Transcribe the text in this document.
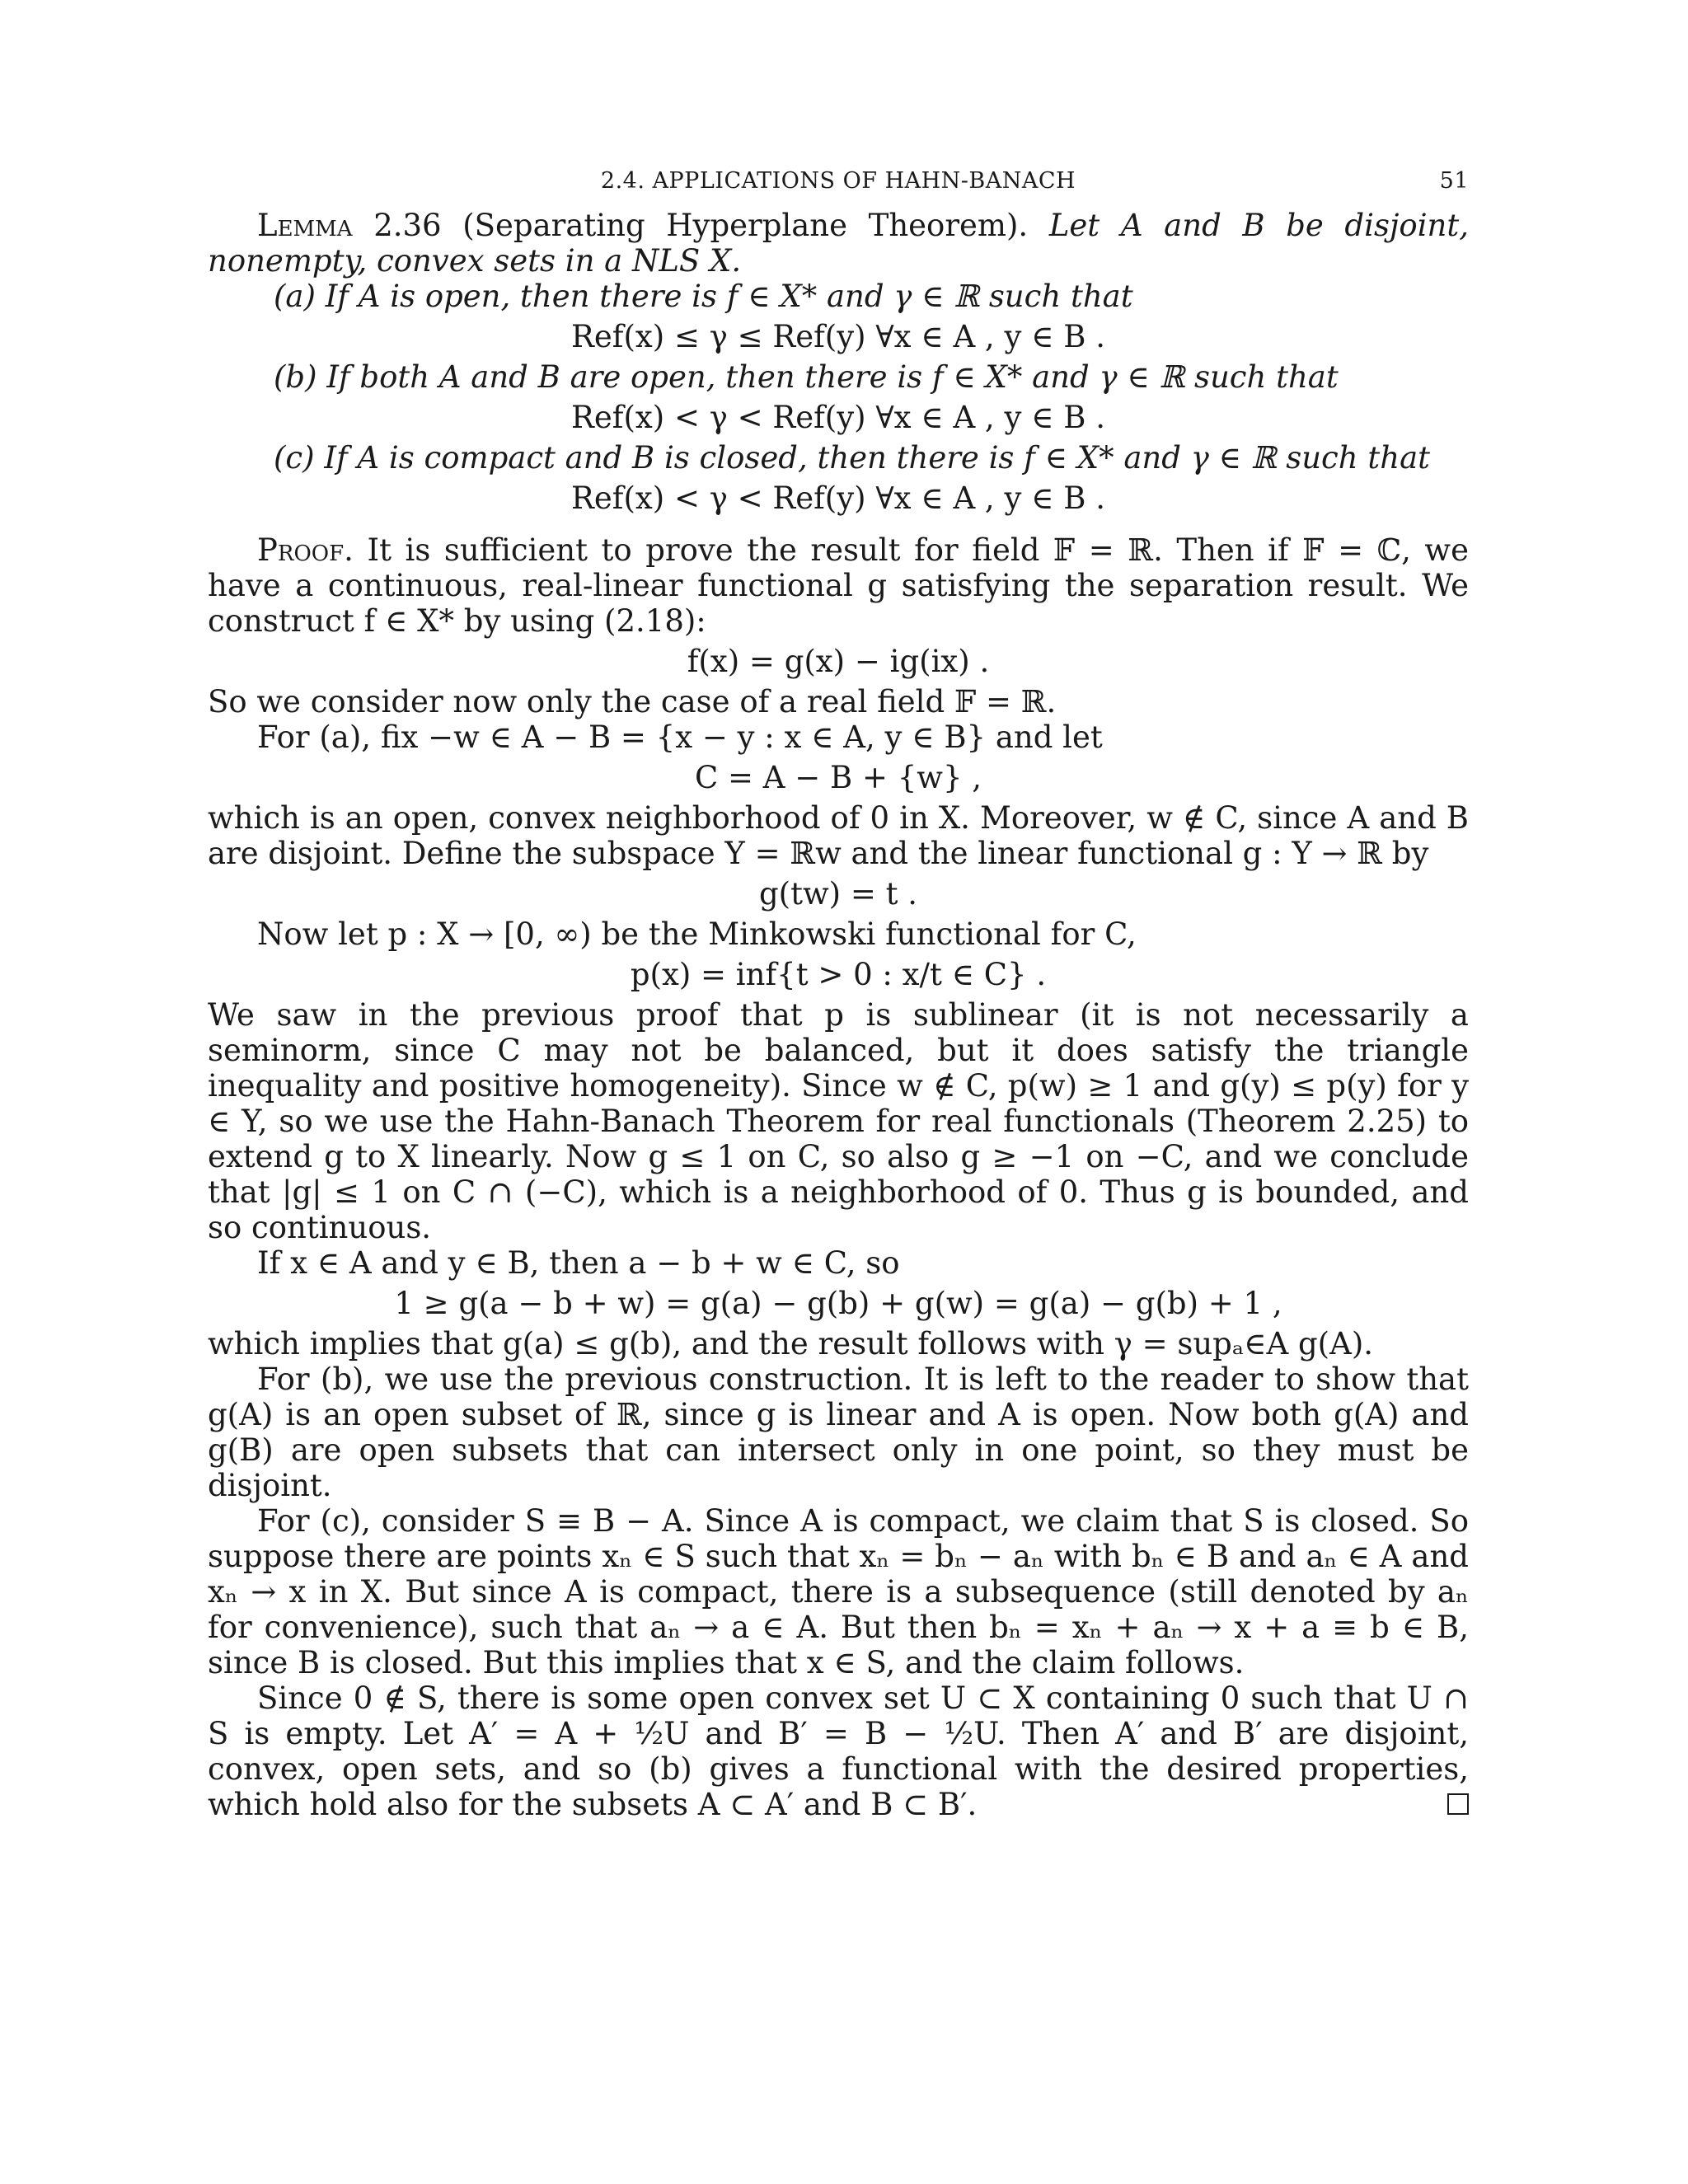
2.4. APPLICATIONS OF HAHN-BANACH	51

Lemma 2.36 (Separating Hyperplane Theorem). Let A and B be disjoint, nonempty, convex sets in a NLS X.

(a) If A is open, then there is f ∈ X* and γ ∈ ℝ such that

Ref(x) ≤ γ ≤ Ref(y) ∀x ∈ A , y ∈ B .

(b) If both A and B are open, then there is f ∈ X* and γ ∈ ℝ such that

Ref(x) < γ < Ref(y) ∀x ∈ A , y ∈ B .

(c) If A is compact and B is closed, then there is f ∈ X* and γ ∈ ℝ such that

Ref(x) < γ < Ref(y) ∀x ∈ A , y ∈ B .

Proof. It is sufficient to prove the result for field 𝔽 = ℝ. Then if 𝔽 = ℂ, we have a continuous, real-linear functional g satisfying the separation result. We construct f ∈ X* by using (2.18):

f(x) = g(x) − ig(ix) .

So we consider now only the case of a real field 𝔽 = ℝ.

For (a), fix −w ∈ A − B = {x − y : x ∈ A, y ∈ B} and let

C = A − B + {w} ,

which is an open, convex neighborhood of 0 in X. Moreover, w ∉ C, since A and B are disjoint. Define the subspace Y = ℝw and the linear functional g : Y → ℝ by

g(tw) = t .

Now let p : X → [0, ∞) be the Minkowski functional for C,

p(x) = inf{t > 0 : x/t ∈ C} .

We saw in the previous proof that p is sublinear (it is not necessarily a seminorm, since C may not be balanced, but it does satisfy the triangle inequality and positive homogeneity). Since w ∉ C, p(w) ≥ 1 and g(y) ≤ p(y) for y ∈ Y, so we use the Hahn-Banach Theorem for real functionals (Theorem 2.25) to extend g to X linearly. Now g ≤ 1 on C, so also g ≥ −1 on −C, and we conclude that |g| ≤ 1 on C ∩ (−C), which is a neighborhood of 0. Thus g is bounded, and so continuous.

If x ∈ A and y ∈ B, then a − b + w ∈ C, so

1 ≥ g(a − b + w) = g(a) − g(b) + g(w) = g(a) − g(b) + 1 ,

which implies that g(a) ≤ g(b), and the result follows with γ = supₐ∈A g(A).

For (b), we use the previous construction. It is left to the reader to show that g(A) is an open subset of ℝ, since g is linear and A is open. Now both g(A) and g(B) are open subsets that can intersect only in one point, so they must be disjoint.

For (c), consider S ≡ B − A. Since A is compact, we claim that S is closed. So suppose there are points xₙ ∈ S such that xₙ = bₙ − aₙ with bₙ ∈ B and aₙ ∈ A and xₙ → x in X. But since A is compact, there is a subsequence (still denoted by aₙ for convenience), such that aₙ → a ∈ A. But then bₙ = xₙ + aₙ → x + a ≡ b ∈ B, since B is closed. But this implies that x ∈ S, and the claim follows.

Since 0 ∉ S, there is some open convex set U ⊂ X containing 0 such that U ∩ S is empty. Let A′ = A + ½U and B′ = B − ½U. Then A′ and B′ are disjoint, convex, open sets, and so (b) gives a functional with the desired properties, which hold also for the subsets A ⊂ A′ and B ⊂ B′.
